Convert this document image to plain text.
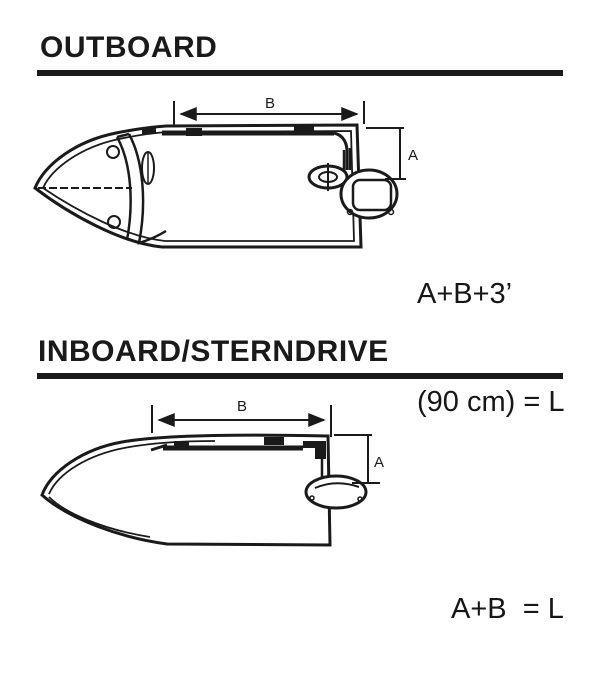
OUTBOARD
B
A

A+B+3’

(90 cm) = L

INBOARD/STERNDRIVE
B
A

A+B  = L
